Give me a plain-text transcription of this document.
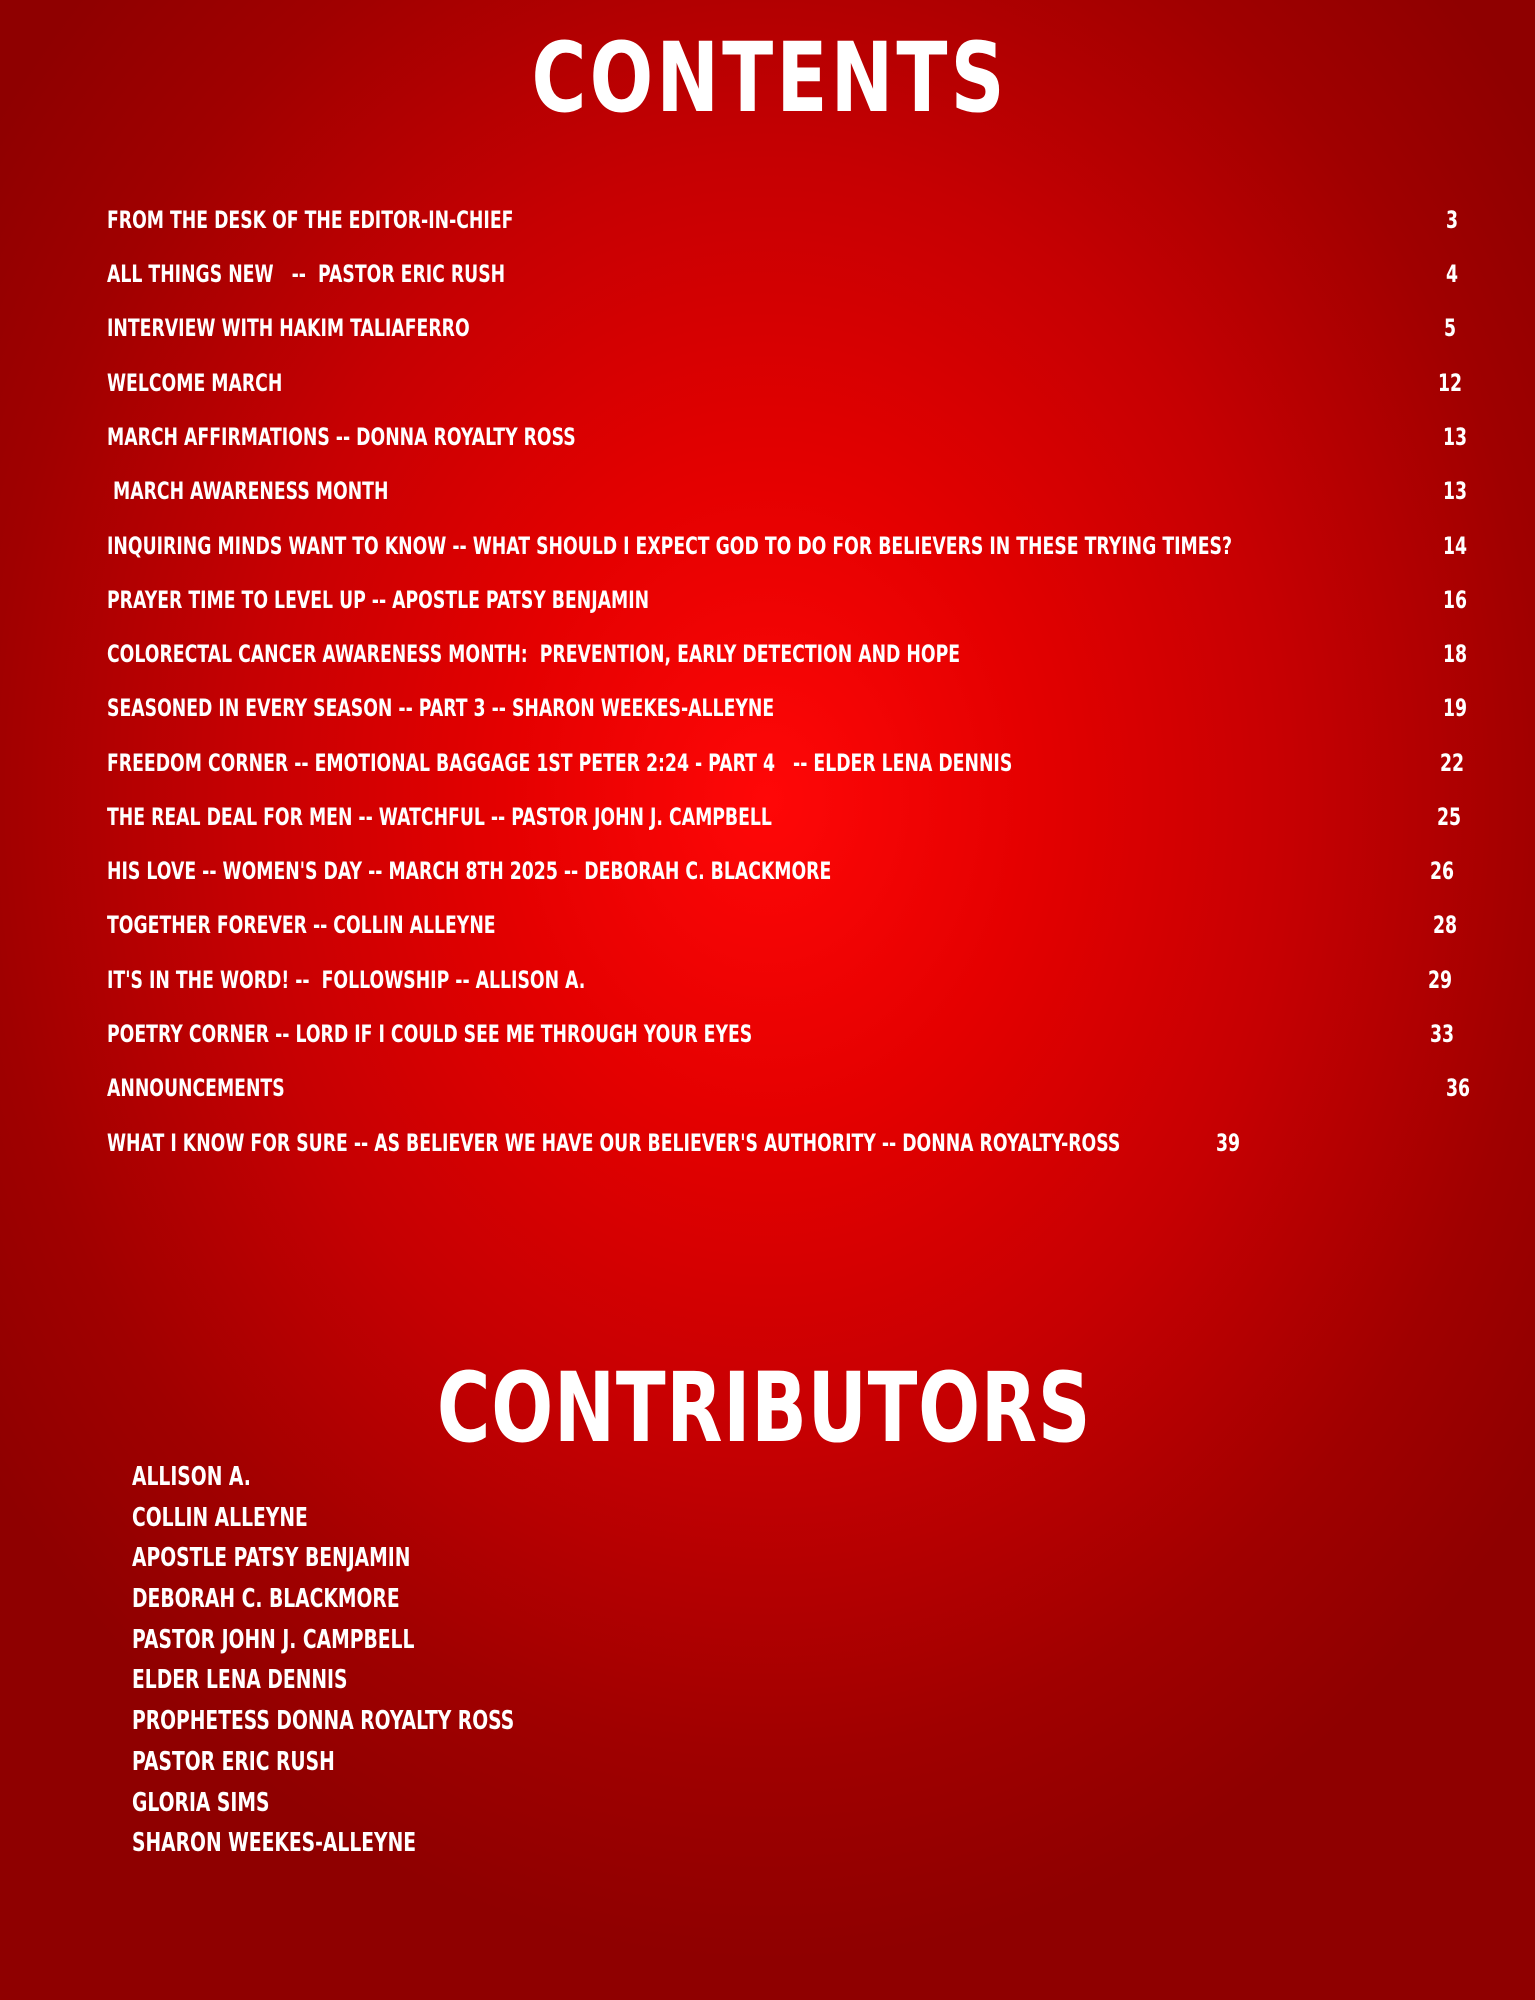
CONTENTS
FROM THE DESK OF THE EDITOR-IN-CHIEF	3
ALL THINGS NEW   --  PASTOR ERIC RUSH	4
INTERVIEW WITH HAKIM TALIAFERRO	5
WELCOME MARCH	12
MARCH AFFIRMATIONS -- DONNA ROYALTY ROSS	13
MARCH AWARENESS MONTH	13
INQUIRING MINDS WANT TO KNOW -- WHAT SHOULD I EXPECT GOD TO DO FOR BELIEVERS IN THESE TRYING TIMES?	14
PRAYER TIME TO LEVEL UP -- APOSTLE PATSY BENJAMIN	16
COLORECTAL CANCER AWARENESS MONTH:  PREVENTION, EARLY DETECTION AND HOPE	18
SEASONED IN EVERY SEASON -- PART 3 -- SHARON WEEKES-ALLEYNE	19
FREEDOM CORNER -- EMOTIONAL BAGGAGE 1ST PETER 2:24 - PART 4   -- ELDER LENA DENNIS	22
THE REAL DEAL FOR MEN -- WATCHFUL -- PASTOR JOHN J. CAMPBELL	25
HIS LOVE -- WOMEN'S DAY -- MARCH 8TH 2025 -- DEBORAH C. BLACKMORE	26
TOGETHER FOREVER -- COLLIN ALLEYNE	28
IT'S IN THE WORD! --  FOLLOWSHIP -- ALLISON A.	29
POETRY CORNER -- LORD IF I COULD SEE ME THROUGH YOUR EYES	33
ANNOUNCEMENTS	36
WHAT I KNOW FOR SURE -- AS BELIEVER WE HAVE OUR BELIEVER'S AUTHORITY -- DONNA ROYALTY-ROSS	39
CONTRIBUTORS
ALLISON A.
COLLIN ALLEYNE
APOSTLE PATSY BENJAMIN
DEBORAH C. BLACKMORE
PASTOR JOHN J. CAMPBELL
ELDER LENA DENNIS
PROPHETESS DONNA ROYALTY ROSS
PASTOR ERIC RUSH
GLORIA SIMS
SHARON WEEKES-ALLEYNE
